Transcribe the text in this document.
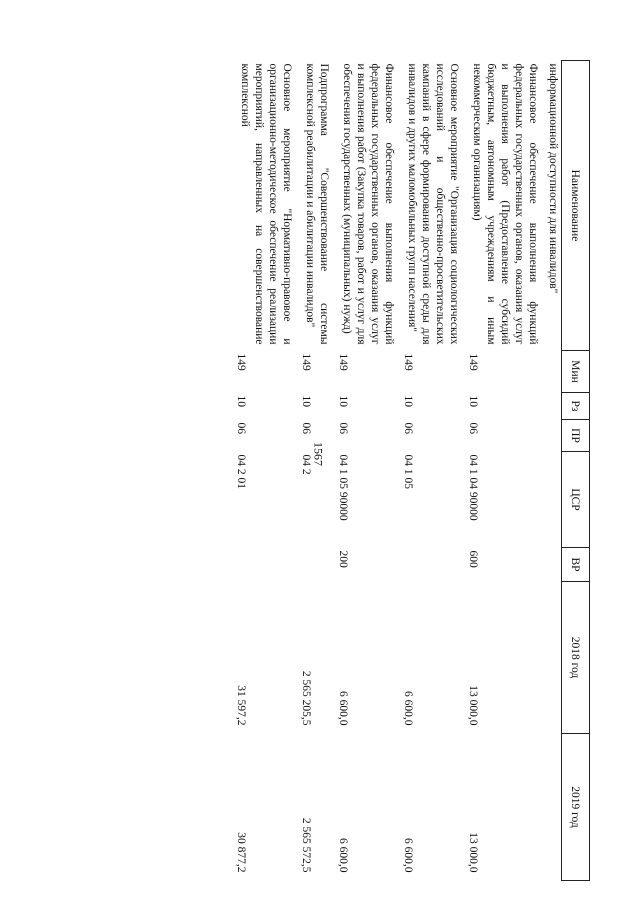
1567
Наименование	Мин	Рз	ПР	ЦСР	ВР	2018 год	2019 год
информационной доступности для инвалидов"							
Финансовое обеспечение выполнения функций федеральных государственных органов, оказания услуг и выполнения работ (Предоставление субсидий бюджетным, автономным учреждениям и иным некоммерческим организациям)	149	10	06	04 1 04 90000	600	13 000,0	13 000,0
Основное мероприятие "Организация социологических исследований и общественно-просветительских кампаний в сфере формирования доступной среды для инвалидов и других маломобильных групп населения"	149	10	06	04 1 05		6 600,0	6 600,0
Финансовое обеспечение выполнения функций федеральных государственных органов, оказания услуг и выполнения работ (Закупка товаров, работ и услуг для обеспечения государственных (муниципальных) нужд)	149	10	06	04 1 05 90000	200	6 600,0	6 600,0
Подпрограмма "Совершенствование системы комплексной реабилитации и абилитации инвалидов"	149	10	06	04 2		2 565 205,5	2 565 572,5
Основное мероприятие "Нормативно-правовое и организационно-методическое обеспечение реализации мероприятий, направленных на совершенствование комплексной	149	10	06	04 2 01		31 597,2	30 877,2
